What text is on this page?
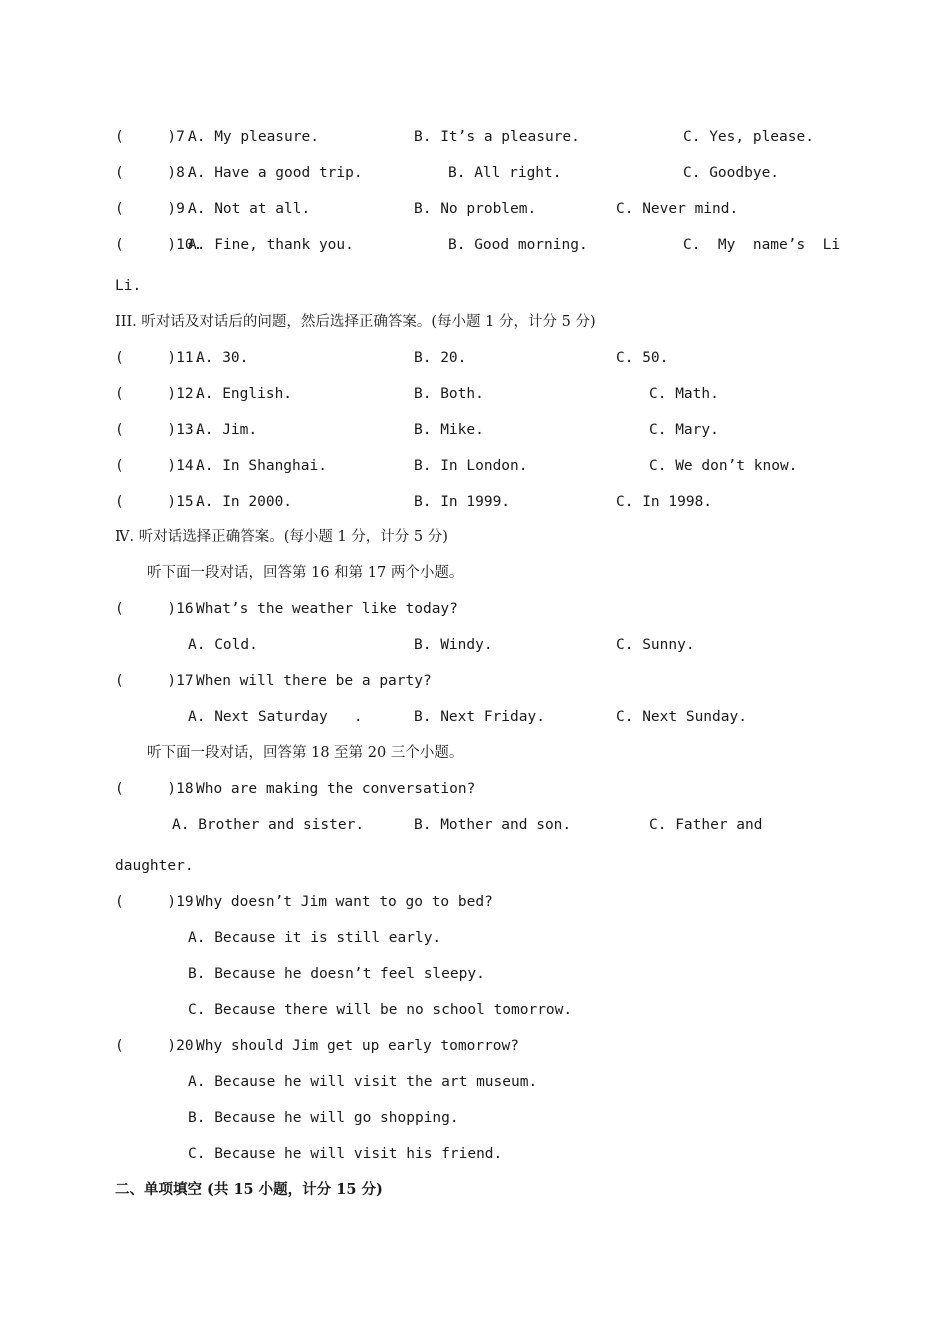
(     )7.
A. My pleasure.	B. It’s a pleasure.	C. Yes, please.
(     )8.
A. Have a good trip.	B. All right.	C. Goodbye.
(     )9.
A. Not at all.	B. No problem.	C. Never mind.
(     )10.
A. Fine, thank you.	B. Good morning.	C.  My  name’s  Li
Li.
III. 听对话及对话后的问题，然后选择正确答案。(每小题 1 分，计分 5 分)
(     )11.
A. 30.	B. 20.	C. 50.
(     )12.
A. English.	B. Both.	C. Math.
(     )13.
A. Jim.	B. Mike.	C. Mary.
(     )14.
A. In Shanghai.	B. In London.	C. We don’t know.
(     )15.
A. In 2000.	B. In 1999.	C. In 1998.
Ⅳ. 听对话选择正确答案。(每小题 1 分，计分 5 分)
听下面一段对话，回答第 16 和第 17 两个小题。
(     )16.
What’s the weather like today?
A. Cold.	B. Windy.	C. Sunny.
(     )17.
When will there be a party?
A. Next Saturday   .	B. Next Friday.	C. Next Sunday.
听下面一段对话，回答第 18 至第 20 三个小题。
(     )18.
Who are making the conversation?
A. Brother and sister.	B. Mother and son.	C. Father and
daughter.
(     )19.
Why doesn’t Jim want to go to bed?
A. Because it is still early.
B. Because he doesn’t feel sleepy.
C. Because there will be no school tomorrow.
(     )20.
Why should Jim get up early tomorrow?
A. Because he will visit the art museum.
B. Because he will go shopping.
C. Because he will visit his friend.
二、单项填空 (共 15 小题，计分 15 分)
